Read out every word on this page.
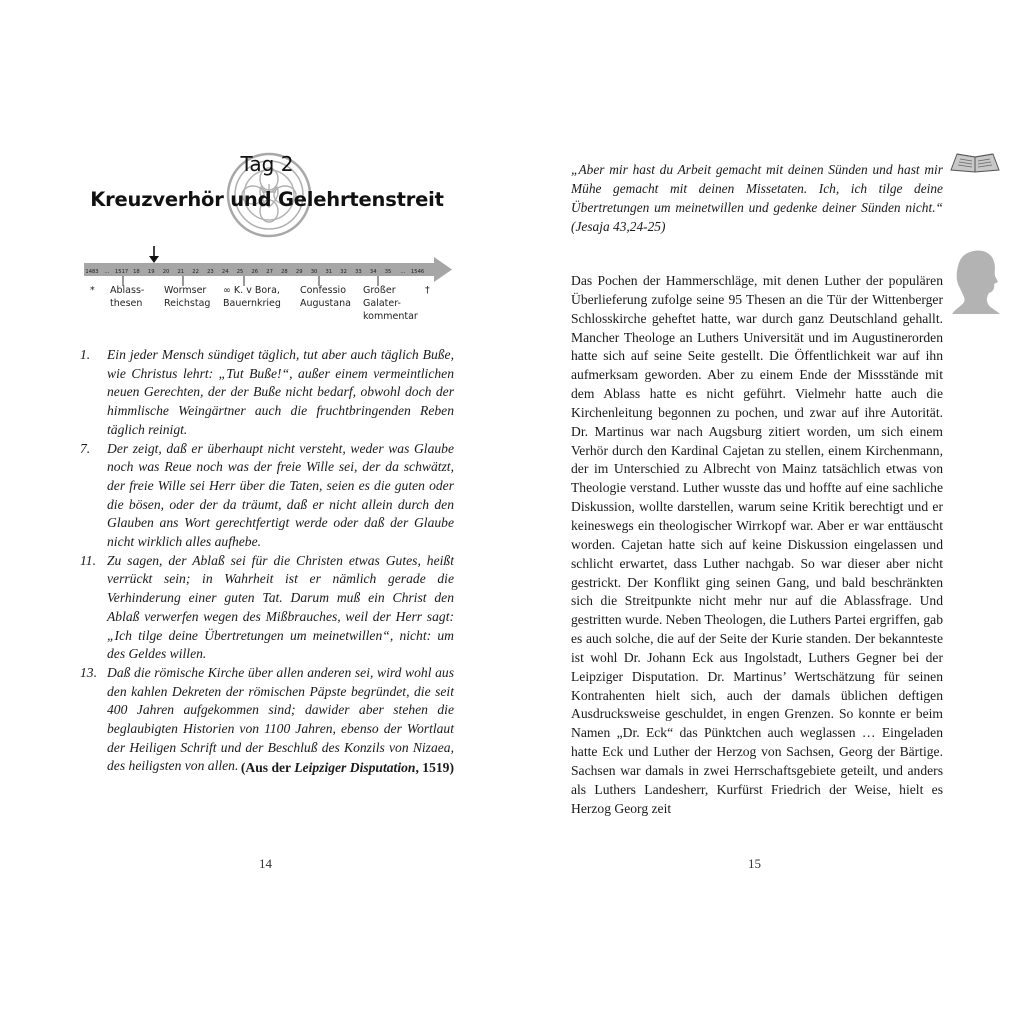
Tag 2
Kreuzverhör und Gelehrtenstreit
1483 ... 1517 18 19 20 21 22 23 24 25 26 27 28 29 30 31 32 33 34 35 ... 1546
* Ablass-
thesen
Wormser
Reichstag
∞ K. v Bora,
Bauernkrieg
Confessio
Augustana
Großer
Galater-
kommentar
†
1. Ein jeder Mensch sündiget täglich, tut aber auch täglich Buße, wie Christus lehrt: „Tut Buße!“, außer einem vermeintlichen neuen Gerechten, der der Buße nicht bedarf, obwohl doch der himmlische Weingärtner auch die fruchtbringenden Reben täglich reinigt.
7. Der zeigt, daß er überhaupt nicht versteht, weder was Glaube noch was Reue noch was der freie Wille sei, der da schwätzt, der freie Wille sei Herr über die Taten, seien es die guten oder die bösen, oder der da träumt, daß er nicht allein durch den Glauben ans Wort gerechtfertigt werde oder daß der Glaube nicht wirklich alles aufhebe.
11. Zu sagen, der Ablaß sei für die Christen etwas Gutes, heißt verrückt sein; in Wahrheit ist er nämlich gerade die Verhinderung einer guten Tat. Darum muß ein Christ den Ablaß verwerfen wegen des Mißbrauches, weil der Herr sagt: „Ich tilge deine Übertretungen um meinetwillen“, nicht: um des Geldes willen.
13. Daß die römische Kirche über allen anderen sei, wird wohl aus den kahlen Dekreten der römischen Päpste begründet, die seit 400 Jahren aufgekommen sind; dawider aber stehen die beglaubigten Historien von 1100 Jahren, ebenso der Wortlaut der Heiligen Schrift und der Beschluß des Konzils von Nizaea, des heiligsten von allen. (Aus der Leipziger Disputation, 1519)
14
„Aber mir hast du Arbeit gemacht mit deinen Sünden und hast mir Mühe gemacht mit deinen Missetaten. Ich, ich tilge deine Übertretungen um meinetwillen und gedenke deiner Sünden nicht.“ (Jesaja 43,24-25)
Das Pochen der Hammerschläge, mit denen Luther der populären Überlieferung zufolge seine 95 Thesen an die Tür der Wittenberger Schlosskirche geheftet hatte, war durch ganz Deutschland gehallt. Mancher Theologe an Luthers Universität und im Augustinerorden hatte sich auf seine Seite gestellt. Die Öffentlichkeit war auf ihn aufmerksam geworden. Aber zu einem Ende der Missstände mit dem Ablass hatte es nicht geführt. Vielmehr hatte auch die Kirchenleitung begonnen zu pochen, und zwar auf ihre Autorität. Dr. Martinus war nach Augsburg zitiert worden, um sich einem Verhör durch den Kardinal Cajetan zu stellen, einem Kirchenmann, der im Unterschied zu Albrecht von Mainz tatsächlich etwas von Theologie verstand. Luther wusste das und hoffte auf eine sachliche Diskussion, wollte darstellen, warum seine Kritik berechtigt und er keineswegs ein theologischer Wirrkopf war. Aber er war enttäuscht worden. Cajetan hatte sich auf keine Diskussion eingelassen und schlicht erwartet, dass Luther nachgab. So war dieser aber nicht gestrickt. Der Konflikt ging seinen Gang, und bald beschränkten sich die Streitpunkte nicht mehr nur auf die Ablassfrage. Und gestritten wurde. Neben Theologen, die Luthers Partei ergriffen, gab es auch solche, die auf der Seite der Kurie standen. Der bekannteste ist wohl Dr. Johann Eck aus Ingolstadt, Luthers Gegner bei der Leipziger Disputation. Dr. Martinus’ Wertschätzung für seinen Kontrahenten hielt sich, auch der damals üblichen deftigen Ausdrucksweise geschuldet, in engen Grenzen. So konnte er beim Namen „Dr. Eck“ das Pünktchen auch weglassen … Eingeladen hatte Eck und Luther der Herzog von Sachsen, Georg der Bärtige. Sachsen war damals in zwei Herrschaftsgebiete geteilt, und anders als Luthers Landesherr, Kurfürst Friedrich der Weise, hielt es Herzog Georg zeit
15
